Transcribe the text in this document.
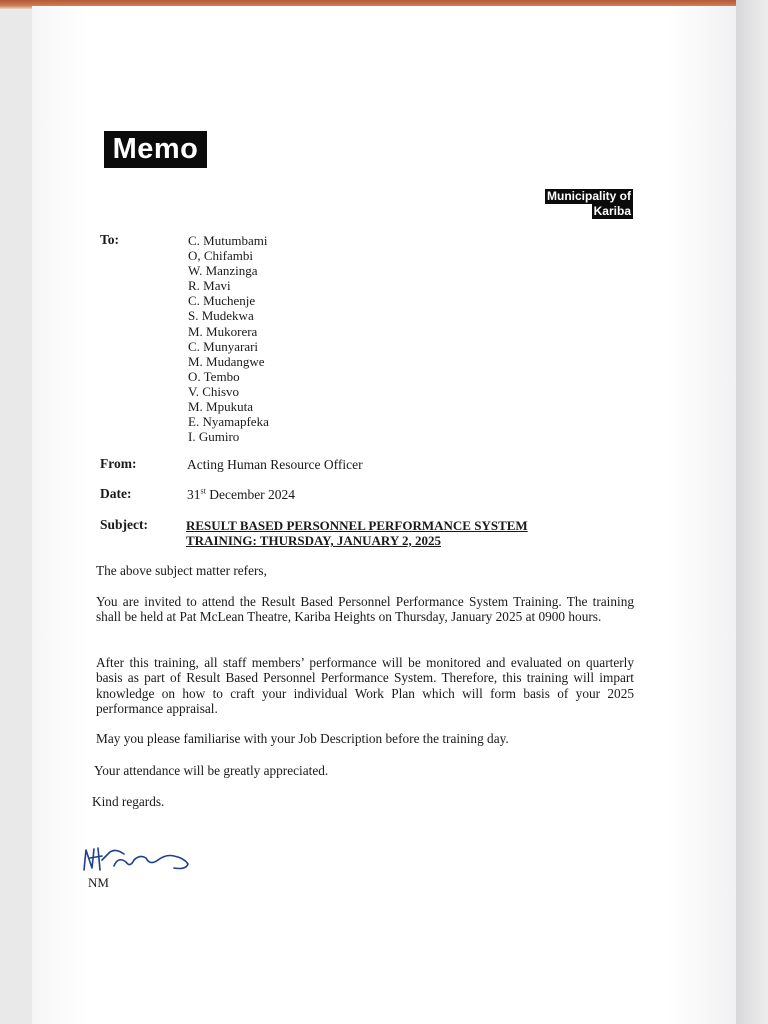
Memo
Municipality of
Kariba
To:	C. Mutumbami
O, Chifambi
W. Manzinga
R. Mavi
C. Muchenje
S. Mudekwa
M. Mukorera
C. Munyarari
M. Mudangwe
O. Tembo
V. Chisvo
M. Mpukuta
E. Nyamapfeka
I. Gumiro
From:	Acting Human Resource Officer
Date:	31st December 2024
Subject:	RESULT BASED PERSONNEL PERFORMANCE SYSTEM
TRAINING: THURSDAY, JANUARY 2, 2025
The above subject matter refers,
You are invited to attend the Result Based Personnel Performance System Training. The training shall be held at Pat McLean Theatre, Kariba Heights on Thursday, January 2025 at 0900 hours.
After this training, all staff members’ performance will be monitored and evaluated on quarterly basis as part of Result Based Personnel Performance System. Therefore, this training will impart knowledge on how to craft your individual Work Plan which will form basis of your 2025 performance appraisal.
May you please familiarise with your Job Description before the training day.
Your attendance will be greatly appreciated.
Kind regards.
NM
